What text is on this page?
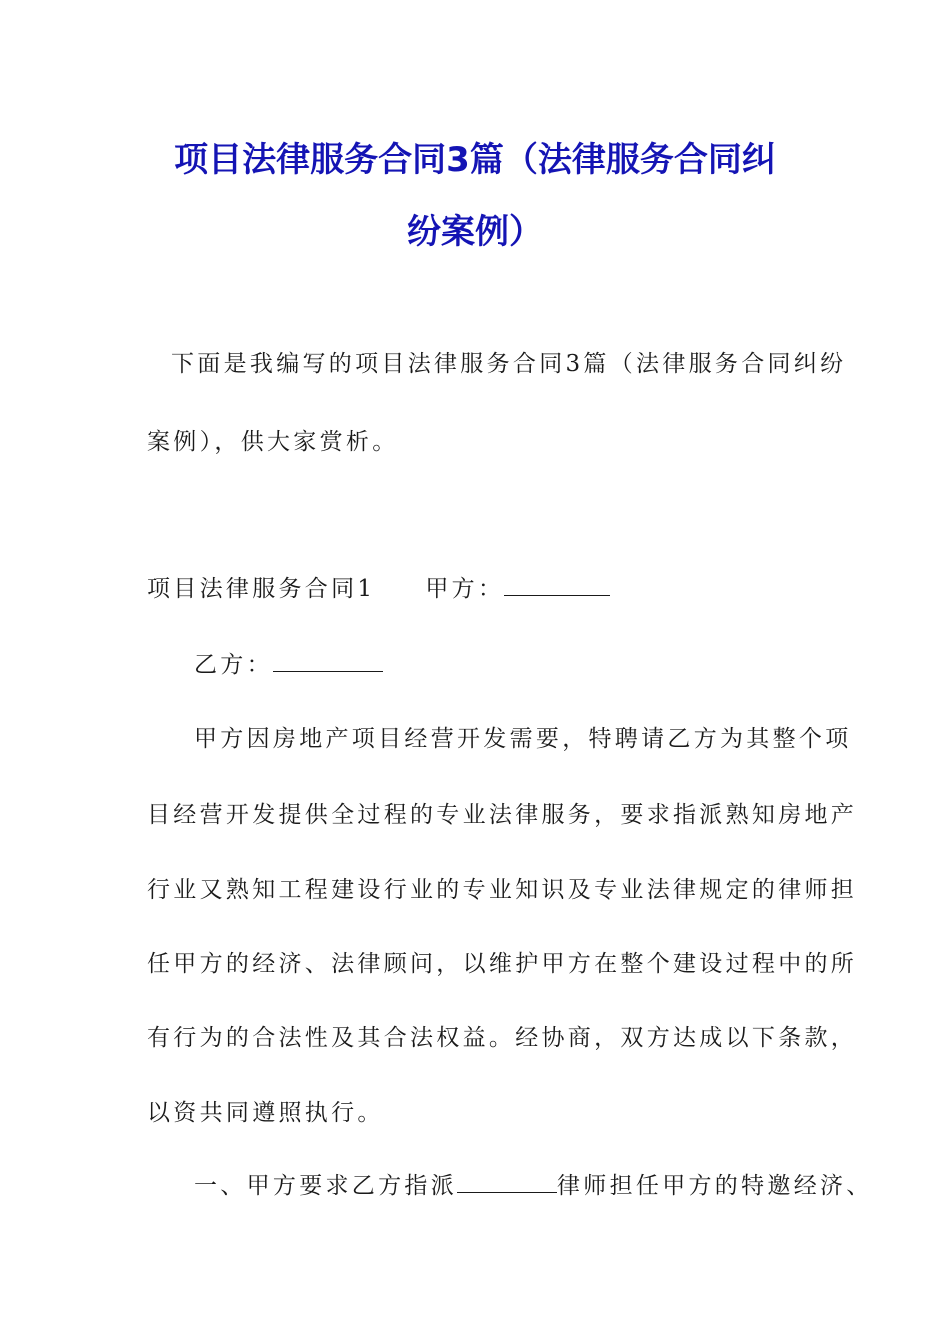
项目法律服务合同3篇（法律服务合同纠
纷案例）
下面是我编写的项目法律服务合同3篇（法律服务合同纠纷
案例），供大家赏析。
项目法律服务合同1 甲方：
乙方：
甲方因房地产项目经营开发需要，特聘请乙方为其整个项
目经营开发提供全过程的专业法律服务，要求指派熟知房地产
行业又熟知工程建设行业的专业知识及专业法律规定的律师担
任甲方的经济、法律顾问，以维护甲方在整个建设过程中的所
有行为的合法性及其合法权益。经协商，双方达成以下条款，
以资共同遵照执行。
一、甲方要求乙方指派	律师担任甲方的特邀经济、
